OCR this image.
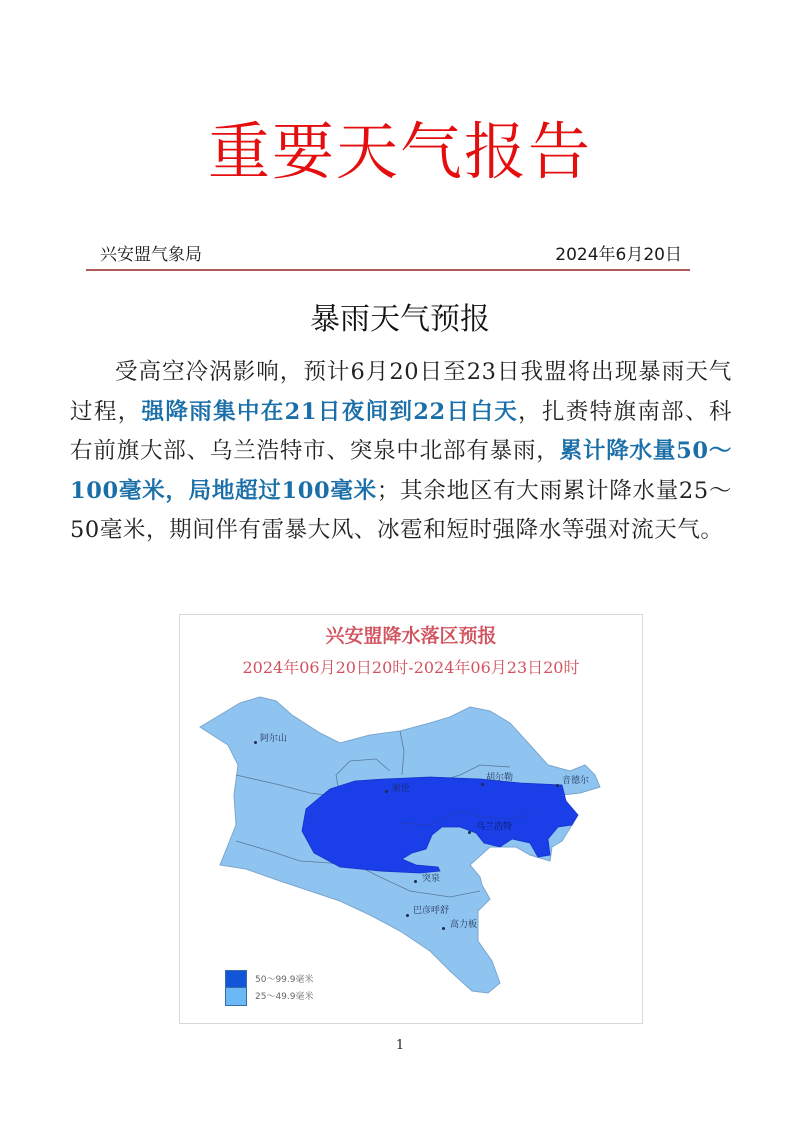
重要天气报告
兴安盟气象局	2024年6月20日
暴雨天气预报

受高空冷涡影响，预计6月20日至23日我盟将出现暴雨天气过程，强降雨集中在21日夜间到22日白天，扎赉特旗南部、科右前旗大部、乌兰浩特市、突泉中北部有暴雨，累计降水量50～100毫米，局地超过100毫米；其余地区有大雨累计降水量25～50毫米，期间伴有雷暴大风、冰雹和短时强降水等强对流天气。

兴安盟降水落区预报
2024年06月20日20时-2024年06月23日20时
阿尔山
索伦
胡尔勒	音德尔
乌兰浩特
突泉
巴彦呼舒
高力板
50～99.9毫米
25～49.9毫米
1
